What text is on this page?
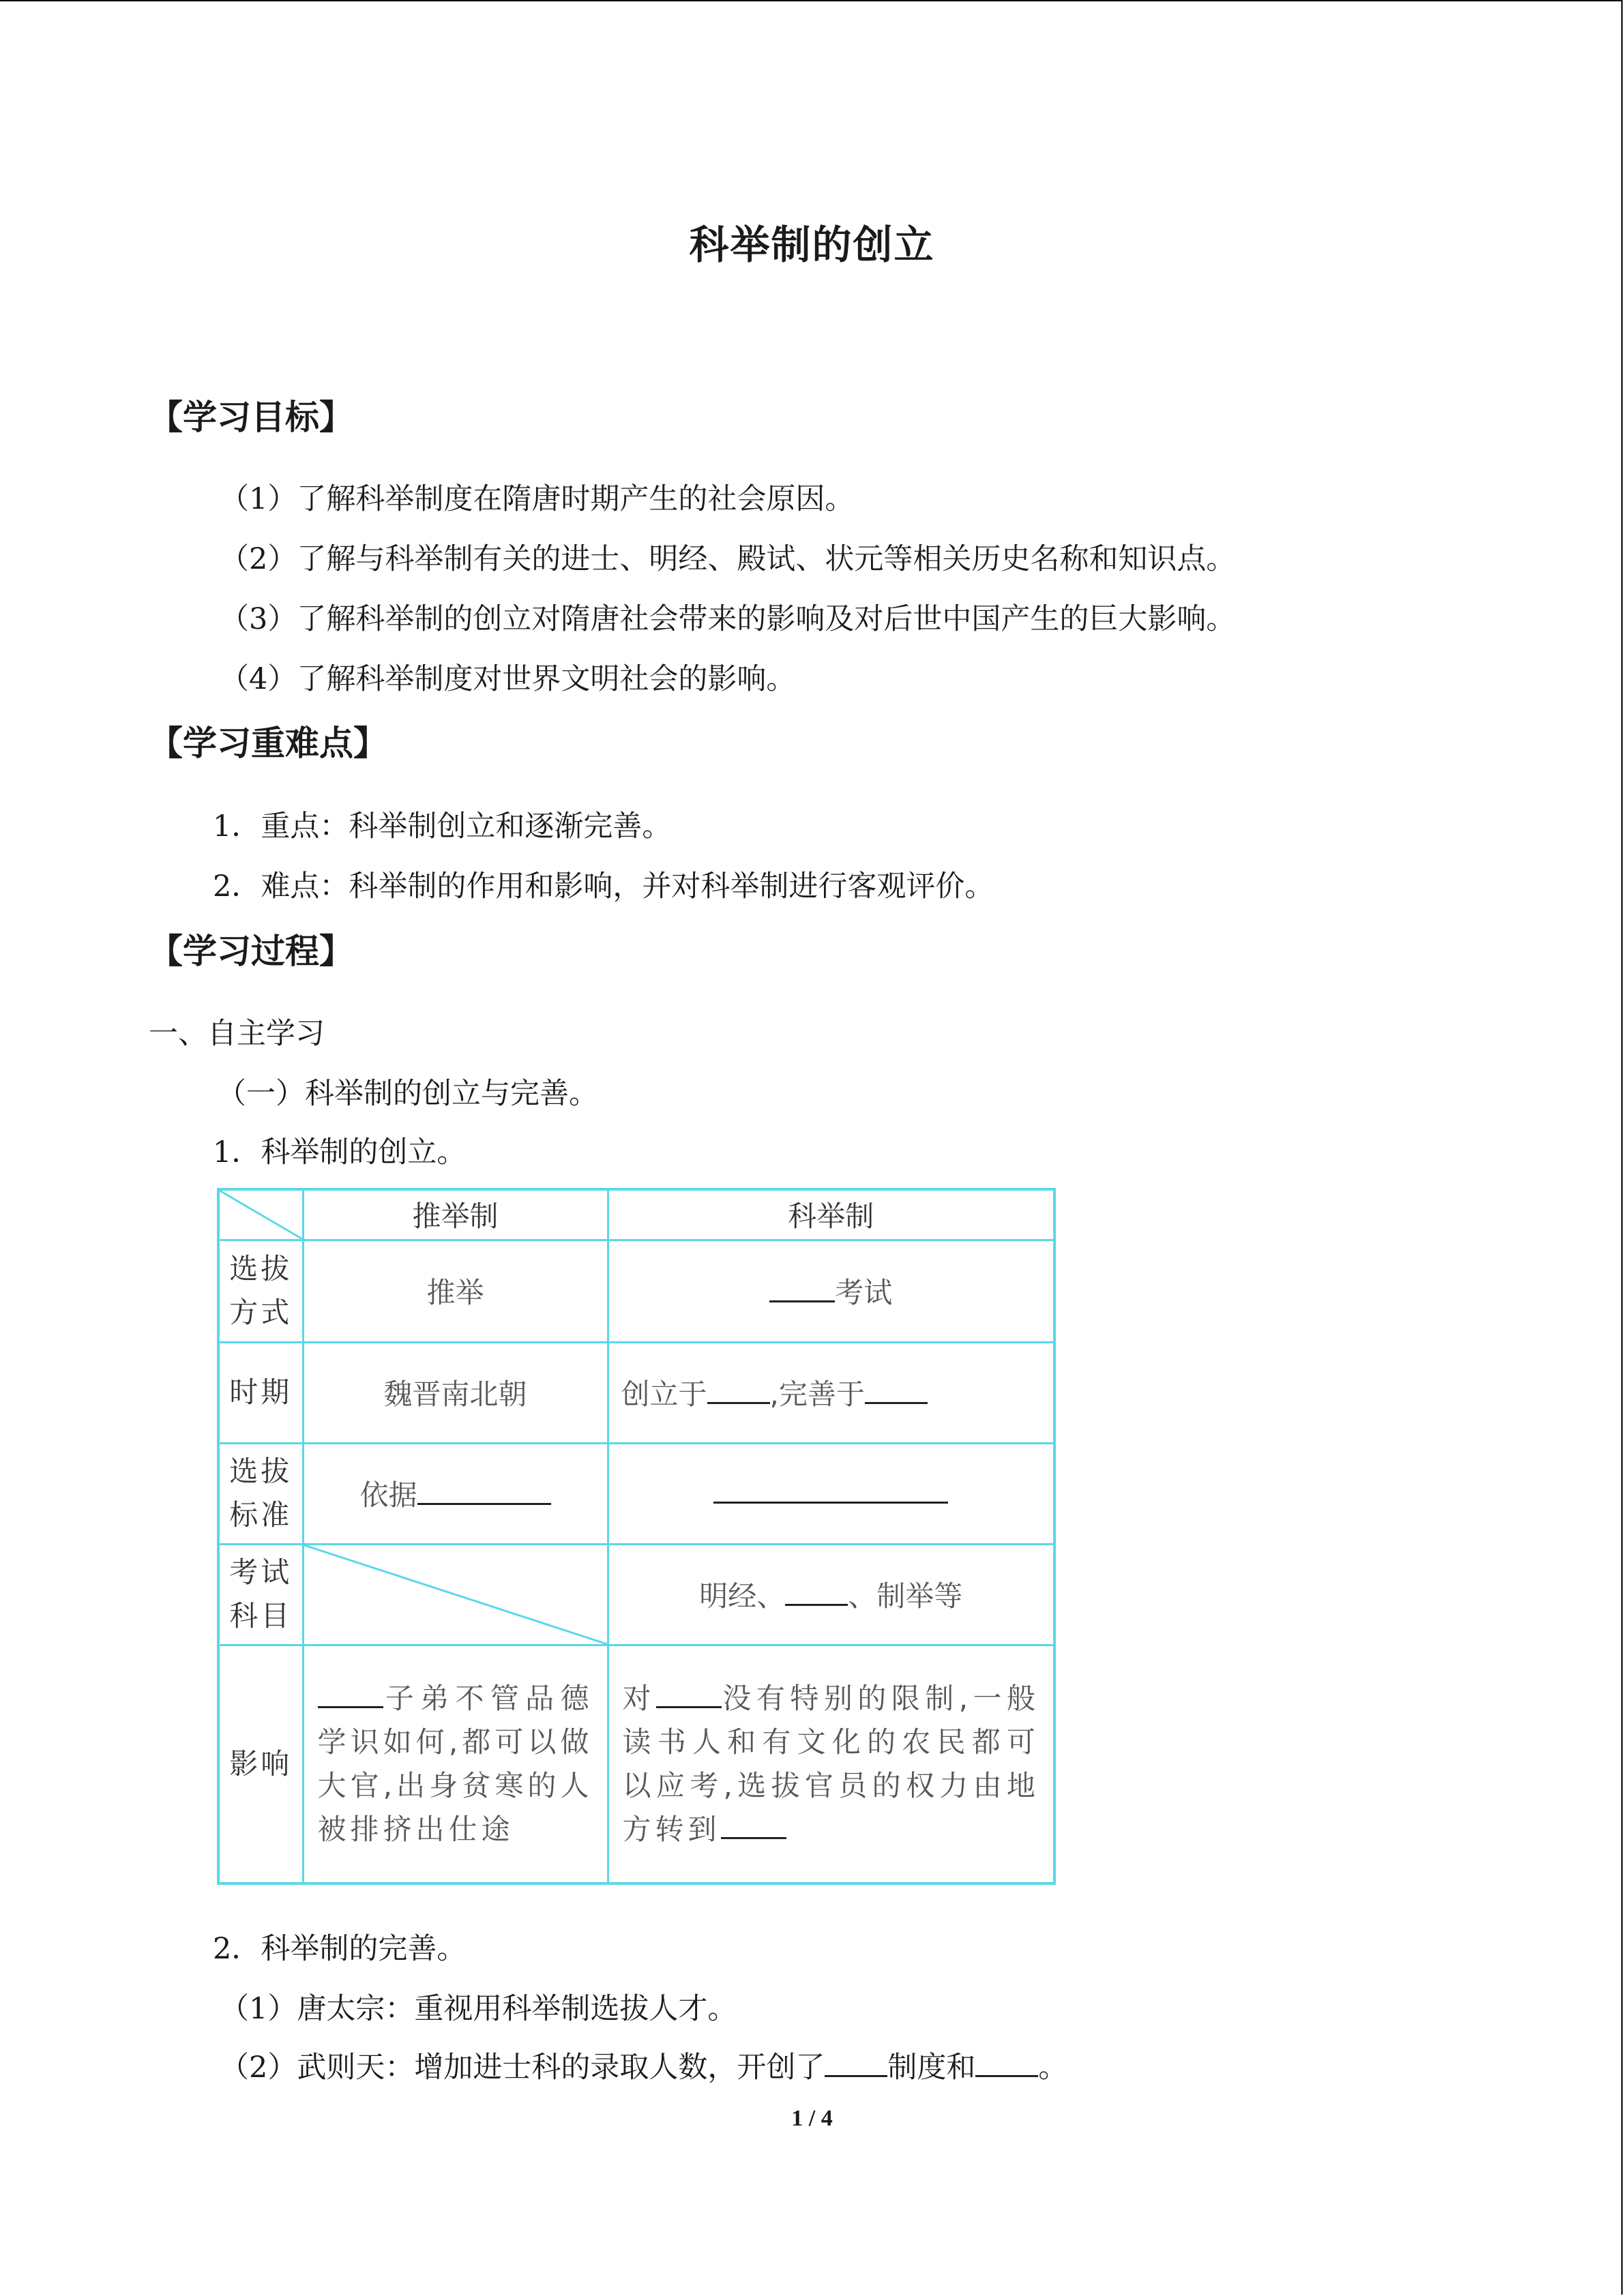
科举制的创立
【学习目标】
（1）了解科举制度在隋唐时期产生的社会原因。
（2）了解与科举制有关的进士、明经、殿试、状元等相关历史名称和知识点。
（3）了解科举制的创立对隋唐社会带来的影响及对后世中国产生的巨大影响。
（4）了解科举制度对世界文明社会的影响。
【学习重难点】
1．重点：科举制创立和逐渐完善。
2．难点：科举制的作用和影响，并对科举制进行客观评价。
【学习过程】
一、自主学习
（一）科举制的创立与完善。
1．科举制的创立。
	推举制	科举制
选拔
方式	推举	考试
时期	魏晋南北朝	创立于 ,完善于
选拔
标准	依据	
考试
科目		明经、 、制举等
影响	子弟不管品德学识如何,都可以做大官,出身贫寒的人被排挤出仕途	对 没有特别的限制,一般读书人和有文化的农民都可以应考,选拔官员的权力由地方转到
2．科举制的完善。
（1）唐太宗：重视用科举制选拔人才。
（2）武则天：增加进士科的录取人数，开创了 制度和 。
1 / 4
